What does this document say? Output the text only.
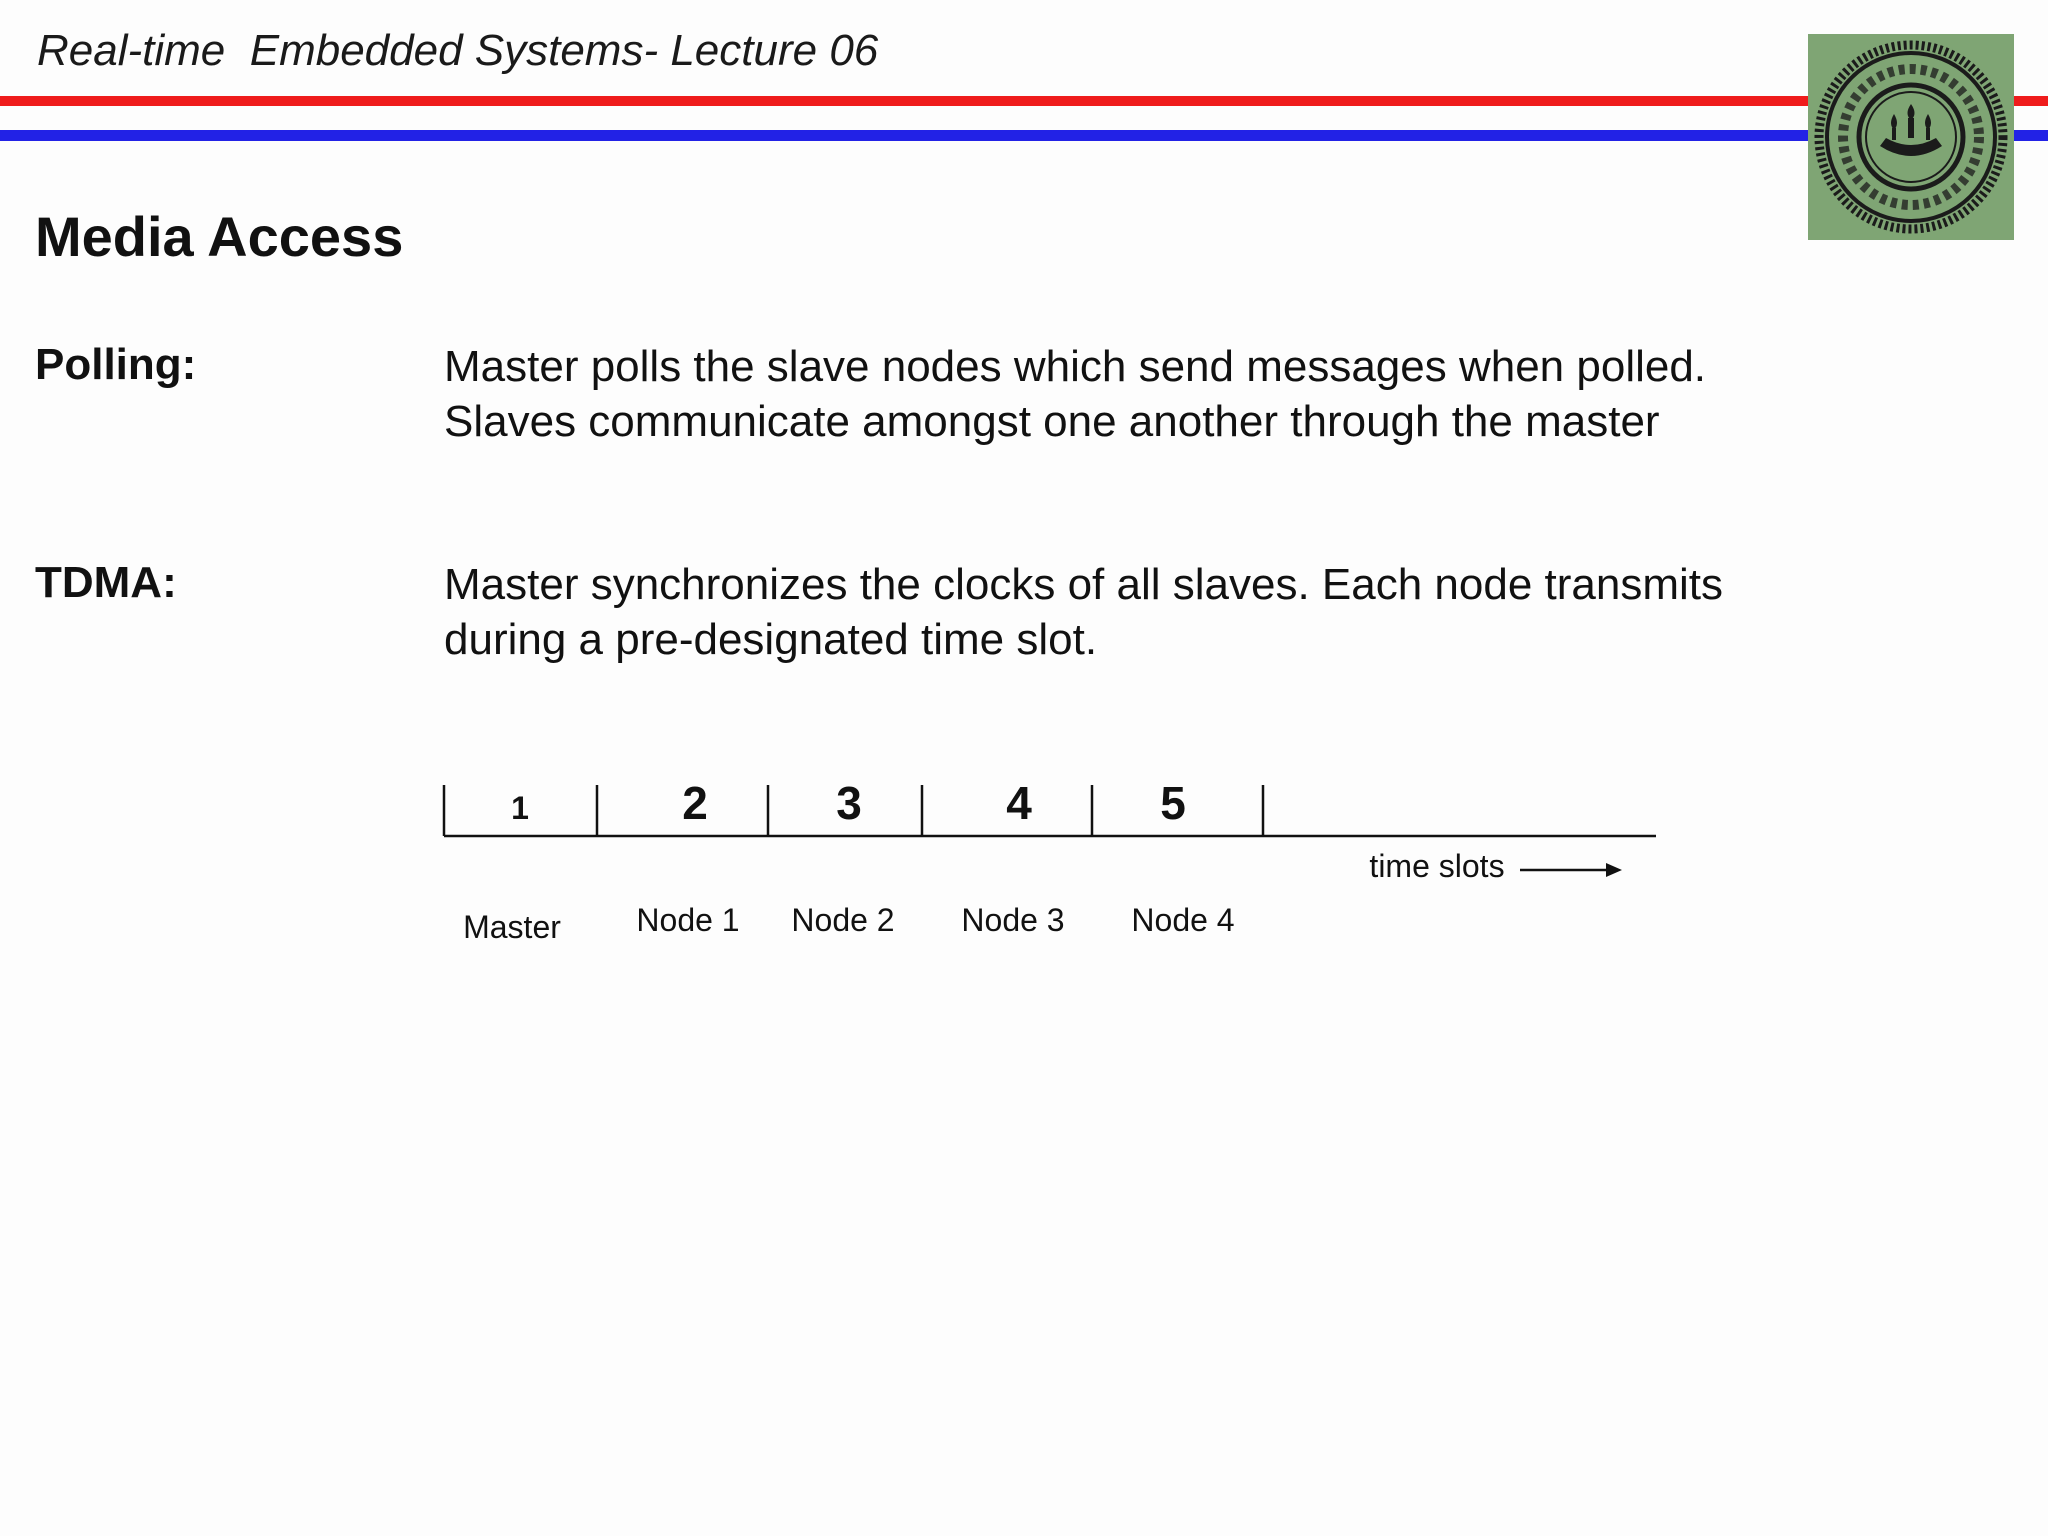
Real-time  Embedded Systems- Lecture 06
Media Access
Polling:	Master polls the slave nodes which send messages when polled.
Slaves communicate amongst one another through the master
TDMA:	Master synchronizes the clocks of all slaves. Each node transmits
during a pre-designated time slot.
1	2	3	4	5
Master Node 1 Node 2 Node 3 Node 4
time slots
